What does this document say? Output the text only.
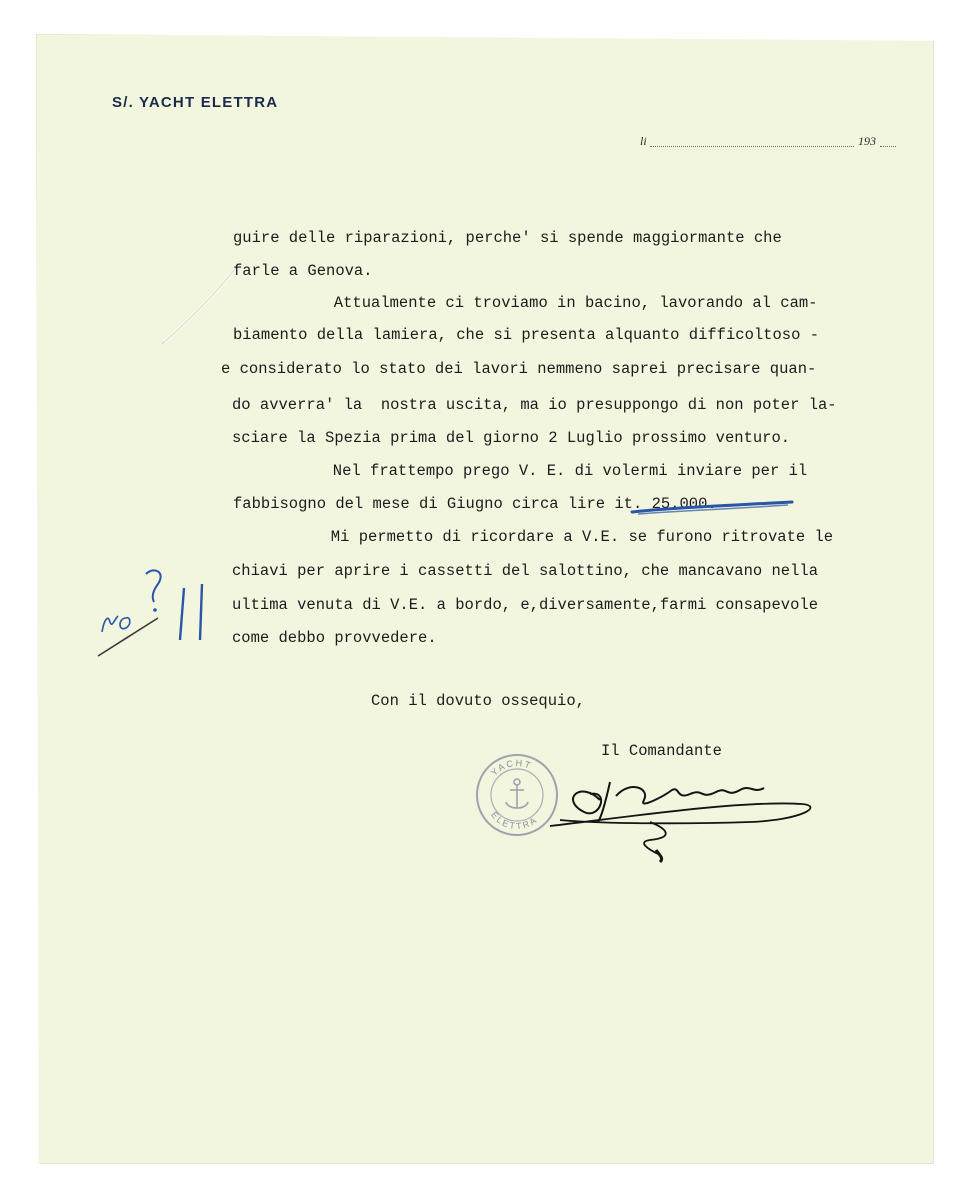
S/. YACHT ELETTRA
li	193
guire delle riparazioni, perche' si spende maggiormante che
farle a Genova.
Attualmente ci troviamo in bacino, lavorando al cam-
biamento della lamiera, che si presenta alquanto difficoltoso -
e considerato lo stato dei lavori nemmeno saprei precisare quan-
do avverra' la  nostra uscita, ma io presuppongo di non poter la-
sciare la Spezia prima del giorno 2 Luglio prossimo venturo.
Nel frattempo prego V. E. di volermi inviare per il
fabbisogno del mese di Giugno circa lire it. 25.000.
Mi permetto di ricordare a V.E. se furono ritrovate le
chiavi per aprire i cassetti del salottino, che mancavano nella
ultima venuta di V.E. a bordo, e,diversamente,farmi consapevole
come debbo provvedere.
Con il dovuto ossequio,
Il Comandante
YACHT
ELETTRA
